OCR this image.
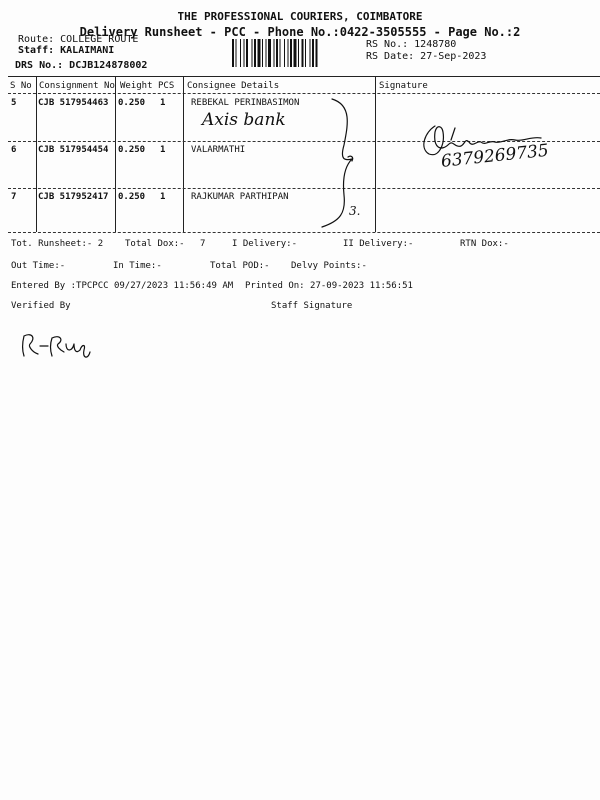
THE PROFESSIONAL COURIERS, COIMBATORE
Delivery Runsheet - PCC - Phone No.:0422-3505555 - Page No.:2
Route: COLLEGE ROUTE
Staff: KALAIMANI
DRS No.: DCJB124878002
RS No.: 1248780
RS Date: 27-Sep-2023
S No Consignment No Weight PCS Consignee Details	Signature
5 CJB 517954463 0.250 1	REBEKAL PERINBASIMON
6 CJB 517954454 0.250 1	VALARMATHI
7 CJB 517952417 0.250 1	RAJKUMAR PARTHIPAN
Axis bank
3.
6379269735
Tot. Runsheet:- 2 Total Dox:- 7	I Delivery:-	II Delivery:-	RTN Dox:-
Out Time:-	In Time:-	Total POD:- Delvy Points:-
Entered By :TPCPCC 09/27/2023 11:56:49 AM Printed On: 27-09-2023 11:56:51
Verified By	Staff Signature
